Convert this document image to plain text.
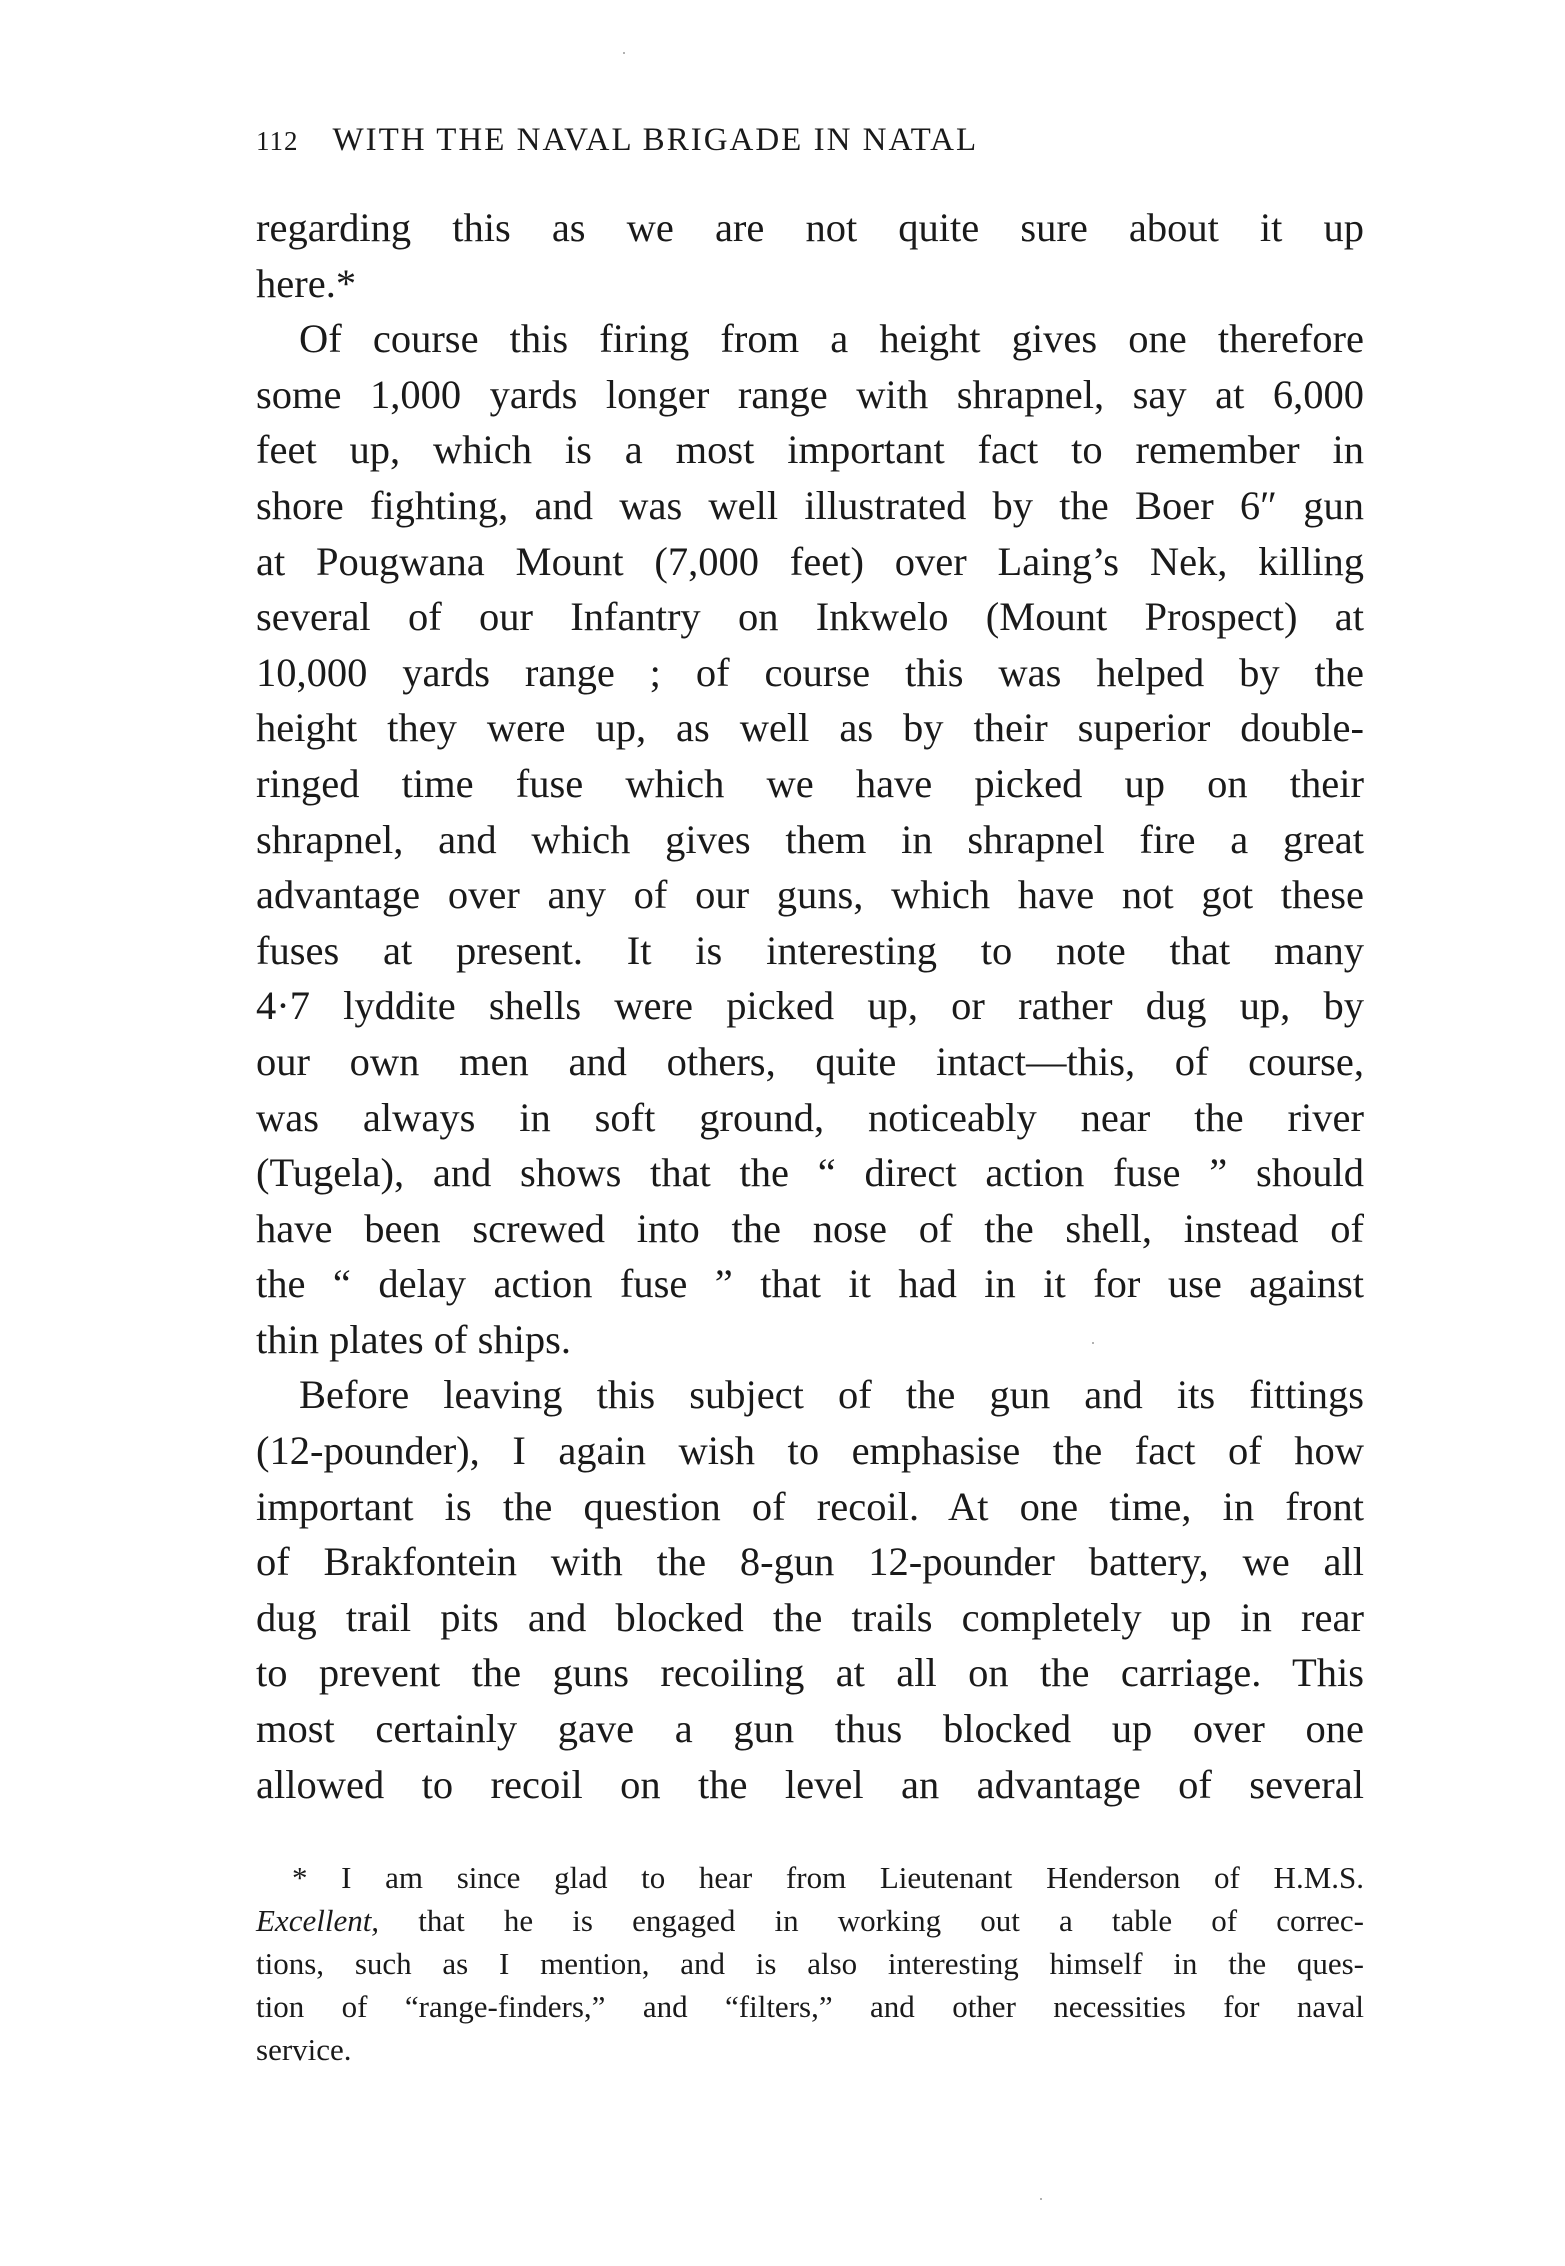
112 WITH THE NAVAL BRIGADE IN NATAL
regarding this as we are not quite sure about it up
here.*
Of course this firing from a height gives one therefore
some 1,000 yards longer range with shrapnel, say at 6,000
feet up, which is a most important fact to remember in
shore fighting, and was well illustrated by the Boer 6″ gun
at Pougwana Mount (7,000 feet) over Laing’s Nek, killing
several of our Infantry on Inkwelo (Mount Prospect) at
10,000 yards range ; of course this was helped by the
height they were up, as well as by their superior double-
ringed time fuse which we have picked up on their
shrapnel, and which gives them in shrapnel fire a great
advantage over any of our guns, which have not got these
fuses at present. It is interesting to note that many
4·7 lyddite shells were picked up, or rather dug up, by
our own men and others, quite intact—this, of course,
was always in soft ground, noticeably near the river
(Tugela), and shows that the “ direct action fuse ” should
have been screwed into the nose of the shell, instead of
the “ delay action fuse ” that it had in it for use against
thin plates of ships.
Before leaving this subject of the gun and its fittings
(12-pounder), I again wish to emphasise the fact of how
important is the question of recoil. At one time, in front
of Brakfontein with the 8-gun 12-pounder battery, we all
dug trail pits and blocked the trails completely up in rear
to prevent the guns recoiling at all on the carriage. This
most certainly gave a gun thus blocked up over one
allowed to recoil on the level an advantage of several
* I am since glad to hear from Lieutenant Henderson of H.M.S.
Excellent, that he is engaged in working out a table of correc-
tions, such as I mention, and is also interesting himself in the ques-
tion of “range-finders,” and “filters,” and other necessities for naval
service.
